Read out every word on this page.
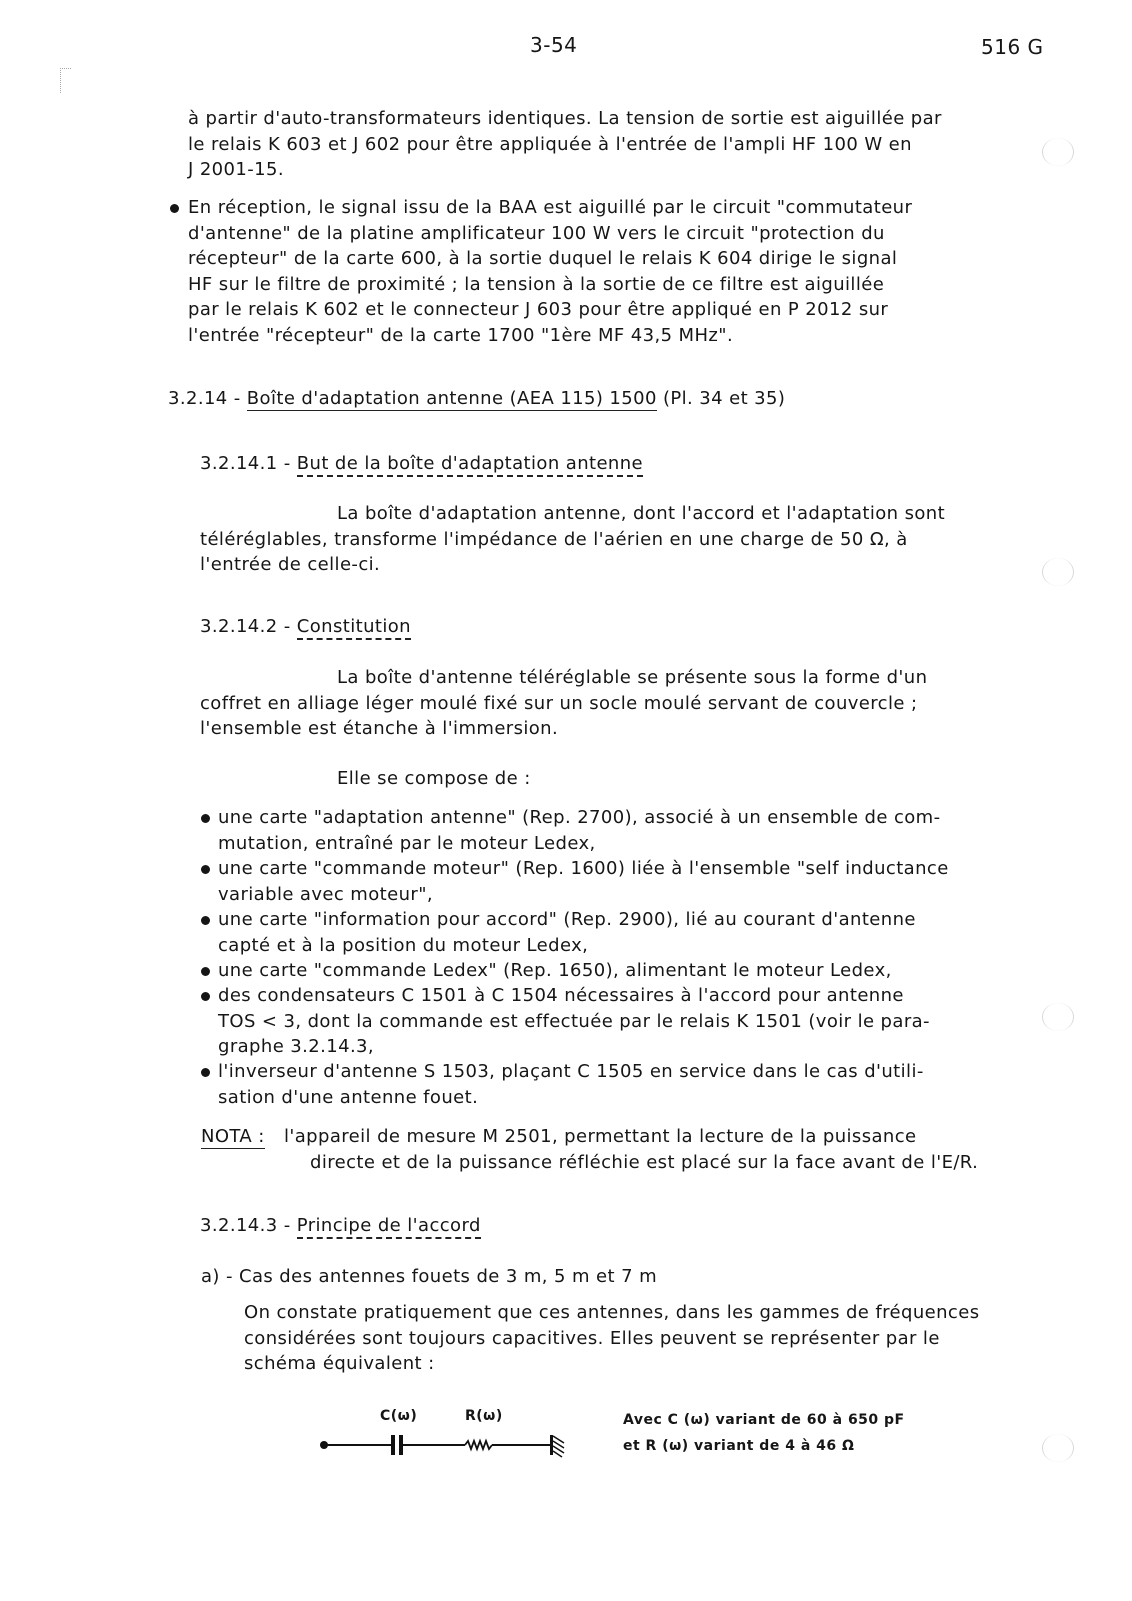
3-54	516 G
à partir d'auto-transformateurs identiques. La tension de sortie est aiguillée par
le relais K 603 et J 602 pour être appliquée à l'entrée de l'ampli HF 100 W en
J 2001-15.
En réception, le signal issu de la BAA est aiguillé par le circuit "commutateur
d'antenne" de la platine amplificateur 100 W vers le circuit "protection du
récepteur" de la carte 600, à la sortie duquel le relais K 604 dirige le signal
HF sur le filtre de proximité ; la tension à la sortie de ce filtre est aiguillée
par le relais K 602 et le connecteur J 603 pour être appliqué en P 2012 sur
l'entrée "récepteur" de la carte 1700 "1ère MF 43,5 MHz".
3.2.14 - Boîte d'adaptation antenne (AEA 115) 1500 (Pl. 34 et 35)
3.2.14.1 - But de la boîte d'adaptation antenne
La boîte d'adaptation antenne, dont l'accord et l'adaptation sont
téléréglables, transforme l'impédance de l'aérien en une charge de 50 Ω, à
l'entrée de celle-ci.
3.2.14.2 - Constitution
La boîte d'antenne téléréglable se présente sous la forme d'un
coffret en alliage léger moulé fixé sur un socle moulé servant de couvercle ;
l'ensemble est étanche à l'immersion.
Elle se compose de :
une carte "adaptation antenne" (Rep. 2700), associé à un ensemble de com-
mutation, entraîné par le moteur Ledex,
une carte "commande moteur" (Rep. 1600) liée à l'ensemble "self inductance
variable avec moteur",
une carte "information pour accord" (Rep. 2900), lié au courant d'antenne
capté et à la position du moteur Ledex,
une carte "commande Ledex" (Rep. 1650), alimentant le moteur Ledex,
des condensateurs C 1501 à C 1504 nécessaires à l'accord pour antenne
TOS < 3, dont la commande est effectuée par le relais K 1501 (voir le para-
graphe 3.2.14.3,
l'inverseur d'antenne S 1503, plaçant C 1505 en service dans le cas d'utili-
sation d'une antenne fouet.
NOTA : l'appareil de mesure M 2501, permettant la lecture de la puissance
directe et de la puissance réfléchie est placé sur la face avant de l'E/R.
3.2.14.3 - Principe de l'accord
a) - Cas des antennes fouets de 3 m, 5 m et 7 m
On constate pratiquement que ces antennes, dans les gammes de fréquences
considérées sont toujours capacitives. Elles peuvent se représenter par le
schéma équivalent :
C(ω)	R(ω)	Avec C (ω) variant de 60 à 650 pF
et R (ω) variant de 4 à 46 Ω
